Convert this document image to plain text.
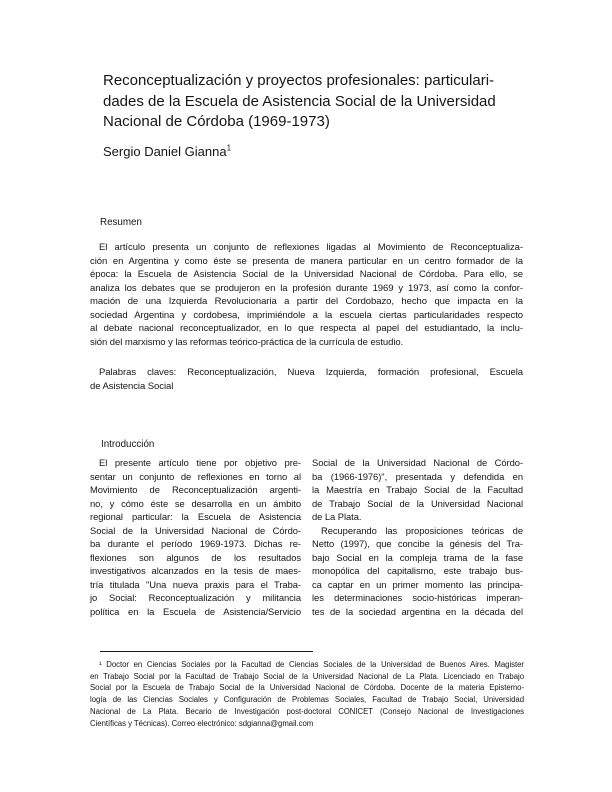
Reconceptualización y proyectos profesionales: particulari-
dades de la Escuela de Asistencia Social de la Universidad
Nacional de Córdoba (1969-1973)
Sergio Daniel Gianna$^1$
Resumen
El artículo presenta un conjunto de reflexiones ligadas al Movimiento de Reconceptualiza-
ción en Argentina y como éste se presenta de manera particular en un centro formador de la
época: la Escuela de Asistencia Social de la Universidad Nacional de Córdoba. Para ello, se
analiza los debates que se produjeron en la profesión durante 1969 y 1973, así como la confor-
mación de una Izquierda Revolucionaria a partir del Cordobazo, hecho que impacta en la
sociedad Argentina y cordobesa, imprimiéndole a la escuela ciertas particularidades respecto
al debate nacional reconceptualizador, en lo que respecta al papel del estudiantado, la inclu-
sión del marxismo y las reformas teórico-práctica de la currícula de estudio.
Palabras claves: Reconceptualización, Nueva Izquierda, formación profesional, Escuela
de Asistencia Social
Introducción
El presente artículo tiene por objetivo pre-
sentar un conjunto de reflexiones en torno al
Movimiento de Reconceptualización argenti-
no, y cómo éste se desarrolla en un ámbito
regional particular: la Escuela de Asistencia
Social de la Universidad Nacional de Córdo-
ba durante el período 1969-1973. Dichas re-
flexiones son algunos de los resultados
investigativos alcanzados en la tesis de maes-
tría titulada "Una nueva praxis para el Traba-
jo Social: Reconceptualización y militancia
política en la Escuela de Asistencia/Servicio
Social de la Universidad Nacional de Córdo-
ba (1966-1976)", presentada y defendida en
la Maestría en Trabajo Social de la Facultad
de Trabajo Social de la Universidad Nacional
de La Plata.
Recuperando las proposiciones teóricas de
Netto (1997), que concibe la génesis del Tra-
bajo Social en la compleja trama de la fase
monopólica del capitalismo, este trabajo bus-
ca captar en un primer momento las principa-
les determinaciones socio-históricas imperan-
tes de la sociedad argentina en la década del
¹ Doctor en Ciencias Sociales por la Facultad de Ciencias Sociales de la Universidad de Buenos Aires. Magister
en Trabajo Social por la Facultad de Trabajo Social de la Universidad Nacional de La Plata. Licenciado en Trabajo
Social por la Escuela de Trabajo Social de la Universidad Nacional de Córdoba. Docente de la materia Epistemo-
logía de las Ciencias Sociales y Configuración de Problemas Sociales, Facultad de Trabajo Social, Universidad
Nacional de La Plata. Becario de Investigación post-doctoral CONICET (Consejo Nacional de Investigaciones
Científicas y Técnicas). Correo electrónico: sdgianna@gmail.com
